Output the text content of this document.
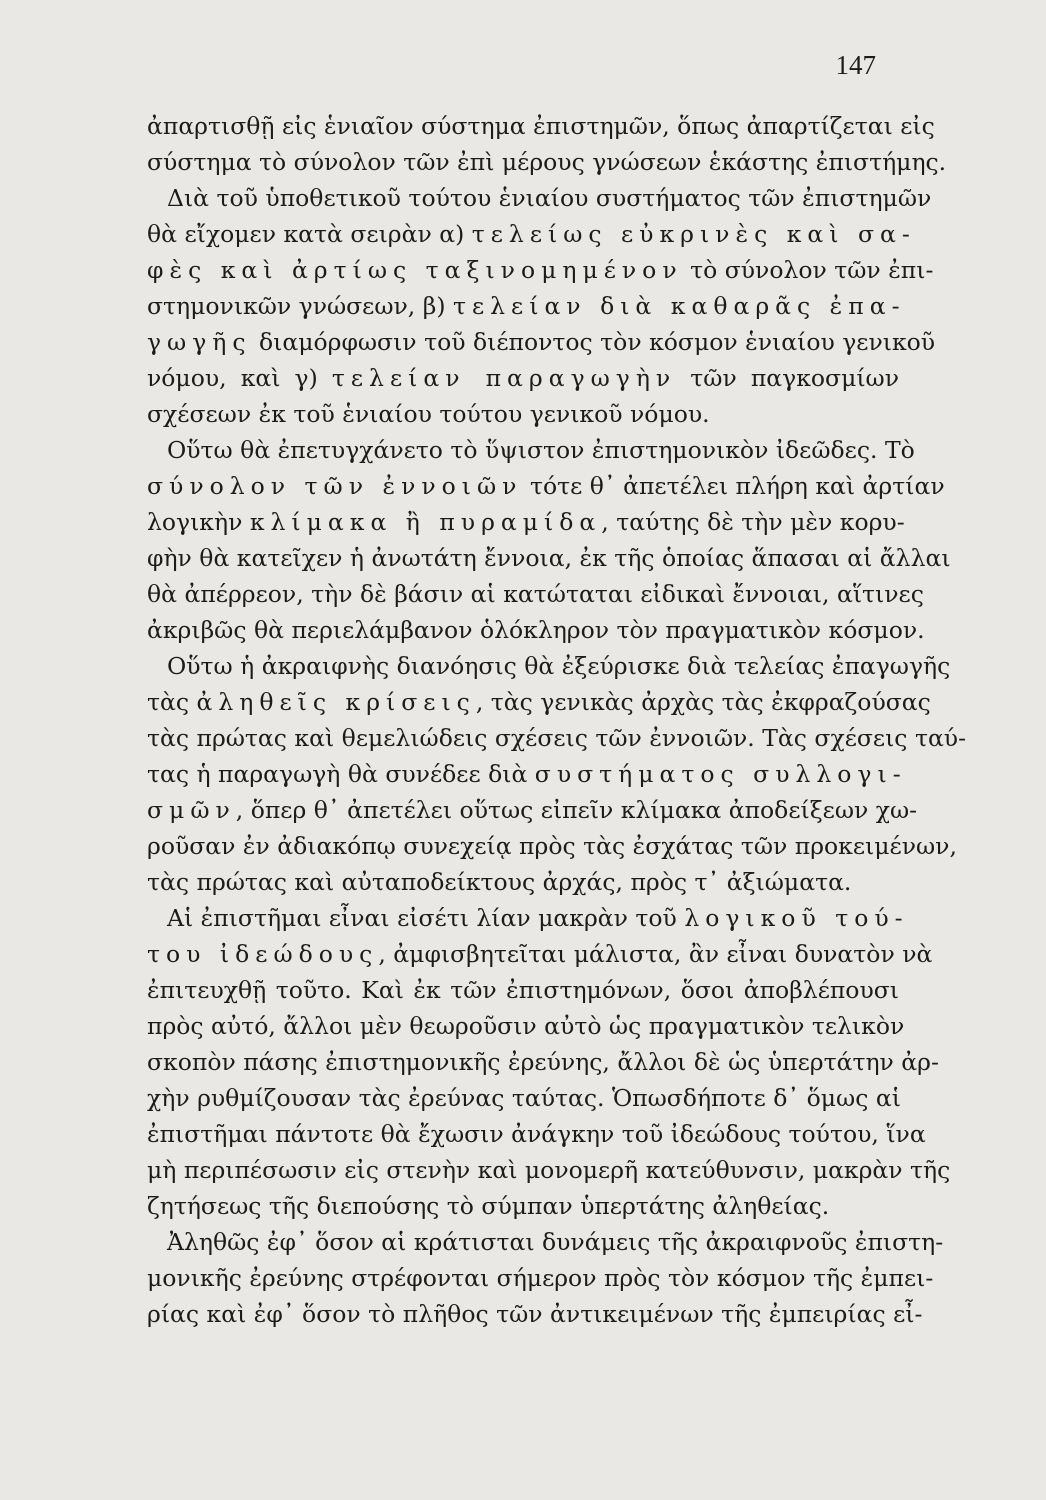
147
ἀπαρτισθῇ εἰς ἑνιαῖον σύστημα ἐπιστημῶν, ὅπως ἀπαρτίζεται εἰς
σύστημα τὸ σύνολον τῶν ἐπὶ μέρους γνώσεων ἑκάστης ἐπιστήμης.
Διὰ τοῦ ὑποθετικοῦ τούτου ἑνιαίου συστήματος τῶν ἐπιστημῶν
θὰ εἴχομεν κατὰ σειρὰν α) τελείως εὐκρινὲς καὶ σα-
φὲς καὶ ἀρτίως ταξινομημένον τὸ σύνολον τῶν ἐπι-
στημονικῶν γνώσεων, β) τελείαν διὰ καθαρᾶς ἐπα-
γωγῆς διαμόρφωσιν τοῦ διέποντος τὸν κόσμον ἑνιαίου γενικοῦ
νόμου, καὶ γ) τελείαν παραγωγὴν τῶν παγκοσμίων
σχέσεων ἐκ τοῦ ἑνιαίου τούτου γενικοῦ νόμου.
Οὕτω θὰ ἐπετυγχάνετο τὸ ὕψιστον ἐπιστημονικὸν ἰδεῶδες. Τὸ
σύνολον τῶν ἐννοιῶν τότε θ᾽ ἀπετέλει πλήρη καὶ ἀρτίαν
λογικὴν κλίμακα ἢ πυραμίδα, ταύτης δὲ τὴν μὲν κορυ-
φὴν θὰ κατεῖχεν ἡ ἀνωτάτη ἔννοια, ἐκ τῆς ὁποίας ἅπασαι αἱ ἄλλαι
θὰ ἀπέρρεον, τὴν δὲ βάσιν αἱ κατώταται εἰδικαὶ ἔννοιαι, αἵτινες
ἀκριβῶς θὰ περιελάμβανον ὁλόκληρον τὸν πραγματικὸν κόσμον.
Οὕτω ἡ ἀκραιφνὴς διανόησις θὰ ἐξεύρισκε διὰ τελείας ἐπαγωγῆς
τὰς ἀληθεῖς κρίσεις, τὰς γενικὰς ἀρχὰς τὰς ἐκφραζούσας
τὰς πρώτας καὶ θεμελιώδεις σχέσεις τῶν ἐννοιῶν. Τὰς σχέσεις ταύ-
τας ἡ παραγωγὴ θὰ συνέδεε διὰ συστήματος συλλογι-
σμῶν, ὅπερ θ᾽ ἀπετέλει οὕτως εἰπεῖν κλίμακα ἀποδείξεων χω-
ροῦσαν ἐν ἀδιακόπῳ συνεχείᾳ πρὸς τὰς ἐσχάτας τῶν προκειμένων,
τὰς πρώτας καὶ αὐταποδείκτους ἀρχάς, πρὸς τ᾽ ἀξιώματα.
Αἱ ἐπιστῆμαι εἶναι εἰσέτι λίαν μακρὰν τοῦ λογικοῦ τού-
του ἰδεώδους, ἀμφισβητεῖται μάλιστα, ἂν εἶναι δυνατὸν νὰ
ἐπιτευχθῇ τοῦτο. Καὶ ἐκ τῶν ἐπιστημόνων, ὅσοι ἀποβλέπουσι
πρὸς αὐτό, ἄλλοι μὲν θεωροῦσιν αὐτὸ ὡς πραγματικὸν τελικὸν
σκοπὸν πάσης ἐπιστημονικῆς ἐρεύνης, ἄλλοι δὲ ὡς ὑπερτάτην ἀρ-
χὴν ρυθμίζουσαν τὰς ἐρεύνας ταύτας. Ὁπωσδήποτε δ᾽ ὅμως αἱ
ἐπιστῆμαι πάντοτε θὰ ἔχωσιν ἀνάγκην τοῦ ἰδεώδους τούτου, ἵνα
μὴ περιπέσωσιν εἰς στενὴν καὶ μονομερῆ κατεύθυνσιν, μακρὰν τῆς
ζητήσεως τῆς διεπούσης τὸ σύμπαν ὑπερτάτης ἀληθείας.
Ἀληθῶς ἐφ᾽ ὅσον αἱ κράτισται δυνάμεις τῆς ἀκραιφνοῦς ἐπιστη-
μονικῆς ἐρεύνης στρέφονται σήμερον πρὸς τὸν κόσμον τῆς ἐμπει-
ρίας καὶ ἐφ᾽ ὅσον τὸ πλῆθος τῶν ἀντικειμένων τῆς ἐμπειρίας εἶ-
